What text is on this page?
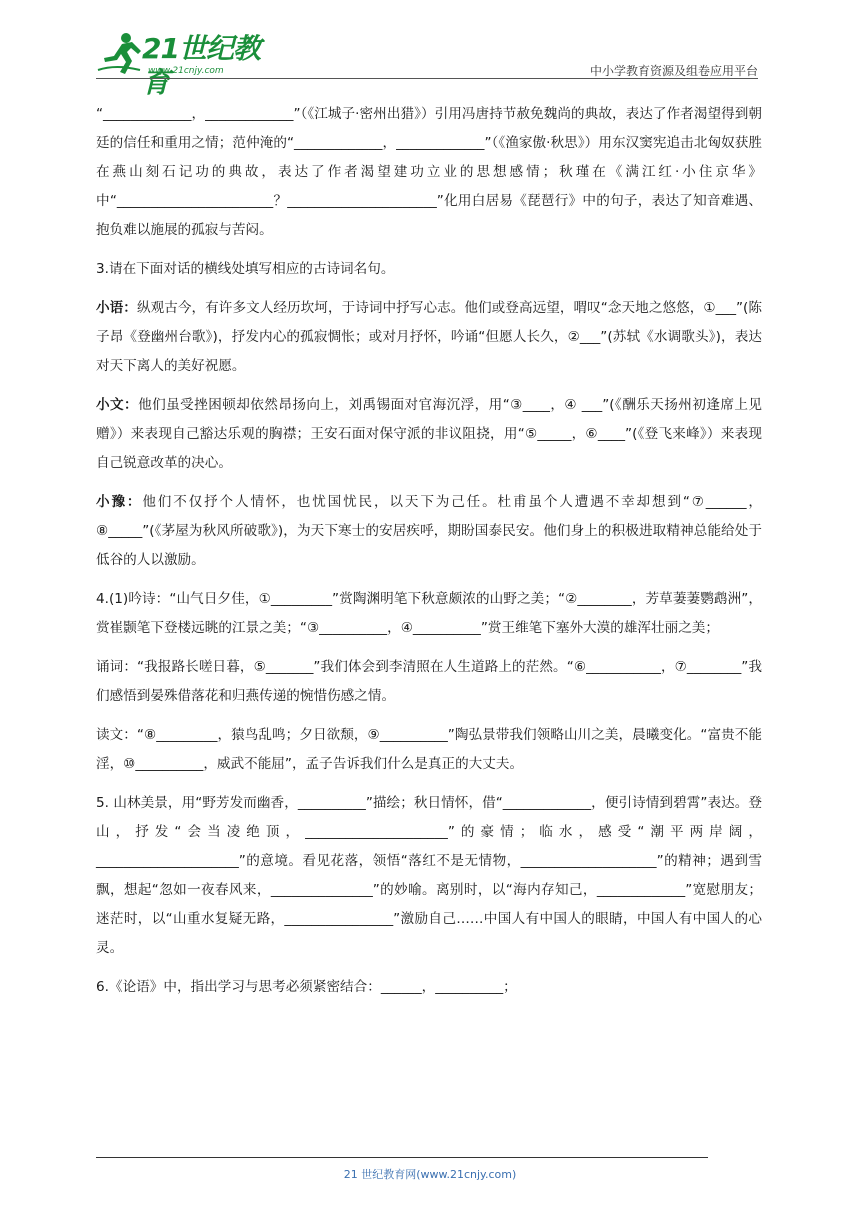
21世纪教育
www.21cnjy.com	中小学教育资源及组卷应用平台

“_____________，_____________”（《江城子·密州出猎》）引用冯唐持节赦免魏尚的典故，表达了作者渴望得到朝廷的信任和重用之情；范仲淹的“_____________，_____________”（《渔家傲·秋思》）用东汉窦宪追击北匈奴获胜在燕山刻石记功的典故，表达了作者渴望建功立业的思想感情；秋瑾在《满江红·小住京华》中“_______________________？______________________”化用白居易《琵琶行》中的句子，表达了知音难遇、抱负难以施展的孤寂与苦闷。

3.请在下面对话的横线处填写相应的古诗词名句。

小语：纵观古今，有许多文人经历坎坷，于诗词中抒写心志。他们或登高远望，喟叹“念天地之悠悠，①___”(陈子昂《登幽州台歌》)，抒发内心的孤寂惆怅；或对月抒怀，吟诵“但愿人长久，②___”(苏轼《水调歌头》)，表达对天下离人的美好祝愿。

小文：他们虽受挫困顿却依然昂扬向上，刘禹锡面对官海沉浮，用“③____，④ ___”(《酬乐天扬州初逢席上见赠》）来表现自己豁达乐观的胸襟；王安石面对保守派的非议阻挠，用“⑤_____，⑥____”(《登飞来峰》）来表现自己锐意改革的决心。

小豫：他们不仅抒个人情怀，也忧国忧民，以天下为己任。杜甫虽个人遭遇不幸却想到“⑦______，⑧_____”(《茅屋为秋风所破歌》)，为天下寒士的安居疾呼，期盼国泰民安。他们身上的积极进取精神总能给处于低谷的人以激励。

4.(1)吟诗：“山气日夕佳，①_________”赏陶渊明笔下秋意颇浓的山野之美；“②________，芳草萋萋鹦鹉洲”，赏崔颢笔下登楼远眺的江景之美；“③__________，④__________”赏王维笔下塞外大漠的雄浑壮丽之美；

诵词：“我报路长嗟日暮，⑤_______”我们体会到李清照在人生道路上的茫然。“⑥___________，⑦________”我们感悟到晏殊借落花和归燕传递的惋惜伤感之情。

读文：“⑧_________，猿鸟乱鸣；夕日欲颓，⑨__________”陶弘景带我们领略山川之美，晨曦变化。“富贵不能淫，⑩__________，威武不能屈”，孟子告诉我们什么是真正的大丈夫。

5. 山林美景，用“野芳发而幽香，__________”描绘；秋日情怀，借“_____________，便引诗情到碧霄”表达。登山，抒发“会当凌绝顶，_____________________”的豪情；临水，感受“潮平两岸阔，_____________________”的意境。看见花落，领悟“落红不是无情物，____________________”的精神；遇到雪飘，想起“忽如一夜春风来，_______________”的妙喻。离别时，以“海内存知己，_____________”宽慰朋友；迷茫时，以“山重水复疑无路，________________”激励自己……中国人有中国人的眼睛，中国人有中国人的心灵。

6.《论语》中，指出学习与思考必须紧密结合：______，__________；

21 世纪教育网(www.21cnjy.com)
